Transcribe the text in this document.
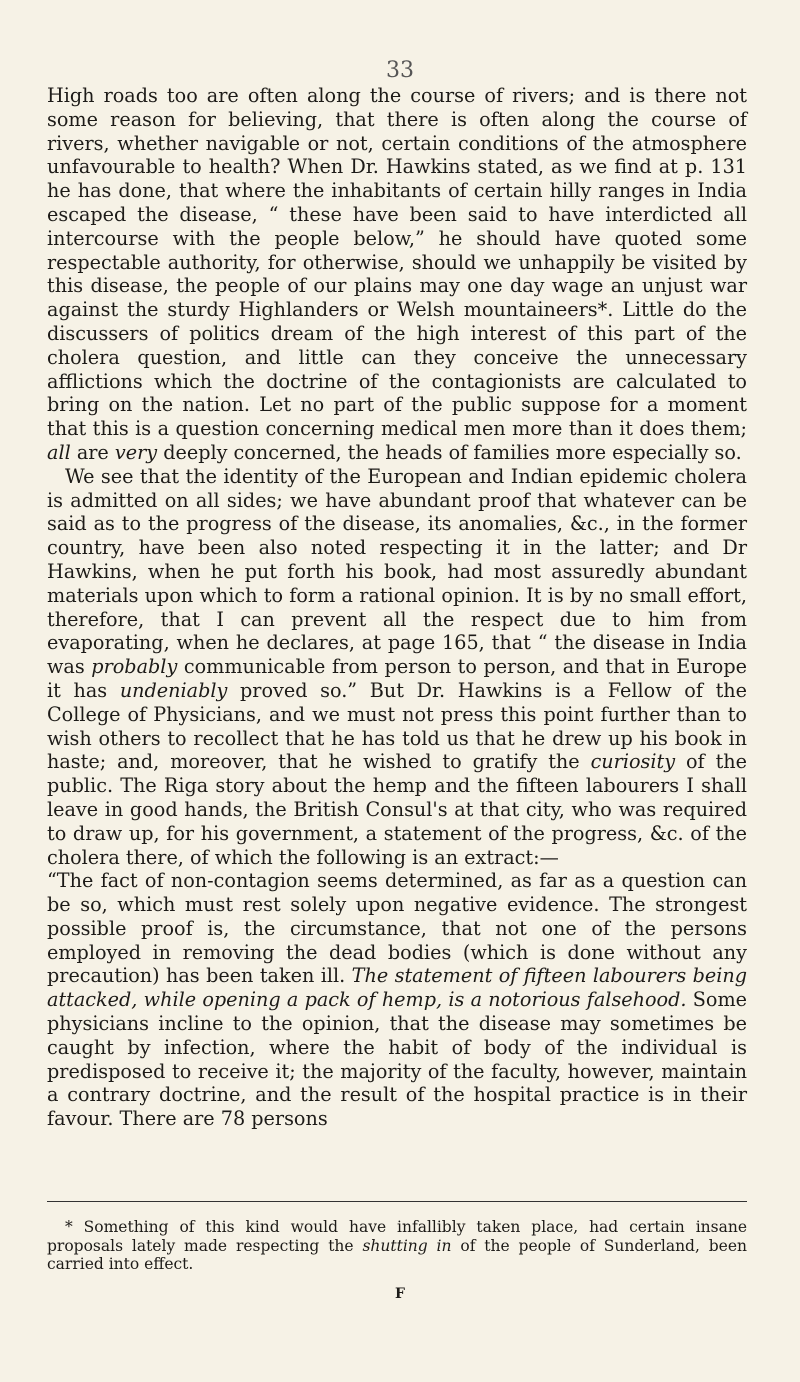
33

High roads too are often along the course of rivers; and is there not some reason for believing, that there is often along the course of rivers, whether navigable or not, certain conditions of the atmosphere unfavourable to health? When Dr. Hawkins stated, as we find at p. 131 he has done, that where the inhabitants of certain hilly ranges in India escaped the disease, “ these have been said to have interdicted all intercourse with the people below,” he should have quoted some respectable authority, for otherwise, should we unhappily be visited by this disease, the people of our plains may one day wage an unjust war against the sturdy Highlanders or Welsh mountaineers*. Little do the discussers of politics dream of the high interest of this part of the cholera question, and little can they conceive the unnecessary afflictions which the doctrine of the contagionists are calculated to bring on the nation. Let no part of the public suppose for a moment that this is a question concerning medical men more than it does them; all are very deeply concerned, the heads of families more especially so.

We see that the identity of the European and Indian epidemic cholera is admitted on all sides; we have abundant proof that whatever can be said as to the progress of the disease, its anomalies, &c., in the former country, have been also noted respecting it in the latter; and Dr Hawkins, when he put forth his book, had most assuredly abundant materials upon which to form a rational opinion. It is by no small effort, therefore, that I can prevent all the respect due to him from evaporating, when he declares, at page 165, that “ the disease in India was probably communicable from person to person, and that in Europe it has undeniably proved so.” But Dr. Hawkins is a Fellow of the College of Physicians, and we must not press this point further than to wish others to recollect that he has told us that he drew up his book in haste; and, moreover, that he wished to gratify the curiosity of the public. The Riga story about the hemp and the fifteen labourers I shall leave in good hands, the British Consul's at that city, who was required to draw up, for his government, a statement of the progress, &c. of the cholera there, of which the following is an extract:—

“The fact of non-contagion seems determined, as far as a question can be so, which must rest solely upon negative evidence. The strongest possible proof is, the circumstance, that not one of the persons employed in removing the dead bodies (which is done without any precaution) has been taken ill. The statement of fifteen labourers being attacked, while opening a pack of hemp, is a notorious falsehood. Some physicians incline to the opinion, that the disease may sometimes be caught by infection, where the habit of body of the individual is predisposed to receive it; the majority of the faculty, however, maintain a contrary doctrine, and the result of the hospital practice is in their favour. There are 78 persons

* Something of this kind would have infallibly taken place, had certain insane proposals lately made respecting the shutting in of the people of Sunderland, been carried into effect.

F
